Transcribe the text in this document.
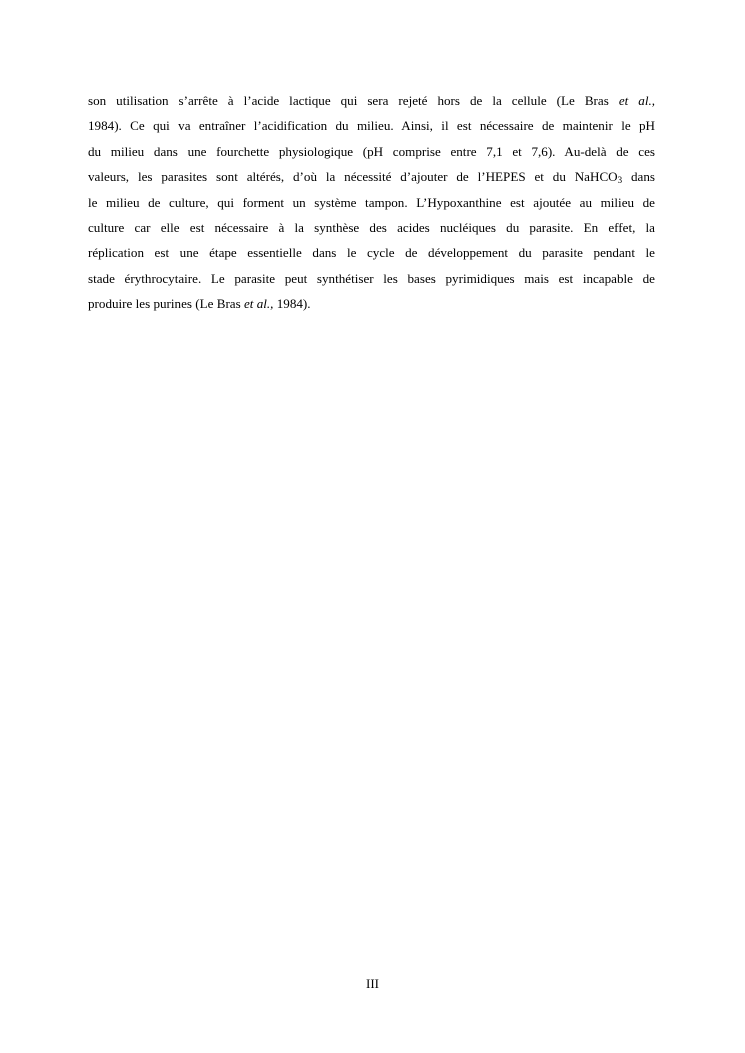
son utilisation s’arrête à l’acide lactique qui sera rejeté hors de la cellule (Le Bras et al.,
1984). Ce qui va entraîner l’acidification du milieu. Ainsi, il est nécessaire de maintenir le pH
du milieu dans une fourchette physiologique (pH comprise entre 7,1 et 7,6). Au-delà de ces
valeurs, les parasites sont altérés, d’où la nécessité d’ajouter de l’HEPES et du NaHCO$_3$ dans
le milieu de culture, qui forment un système tampon. L’Hypoxanthine est ajoutée au milieu de
culture car elle est nécessaire à la synthèse des acides nucléiques du parasite. En effet, la
réplication est une étape essentielle dans le cycle de développement du parasite pendant le
stade érythrocytaire. Le parasite peut synthétiser les bases pyrimidiques mais est incapable de
produire les purines (Le Bras et al., 1984).
III
